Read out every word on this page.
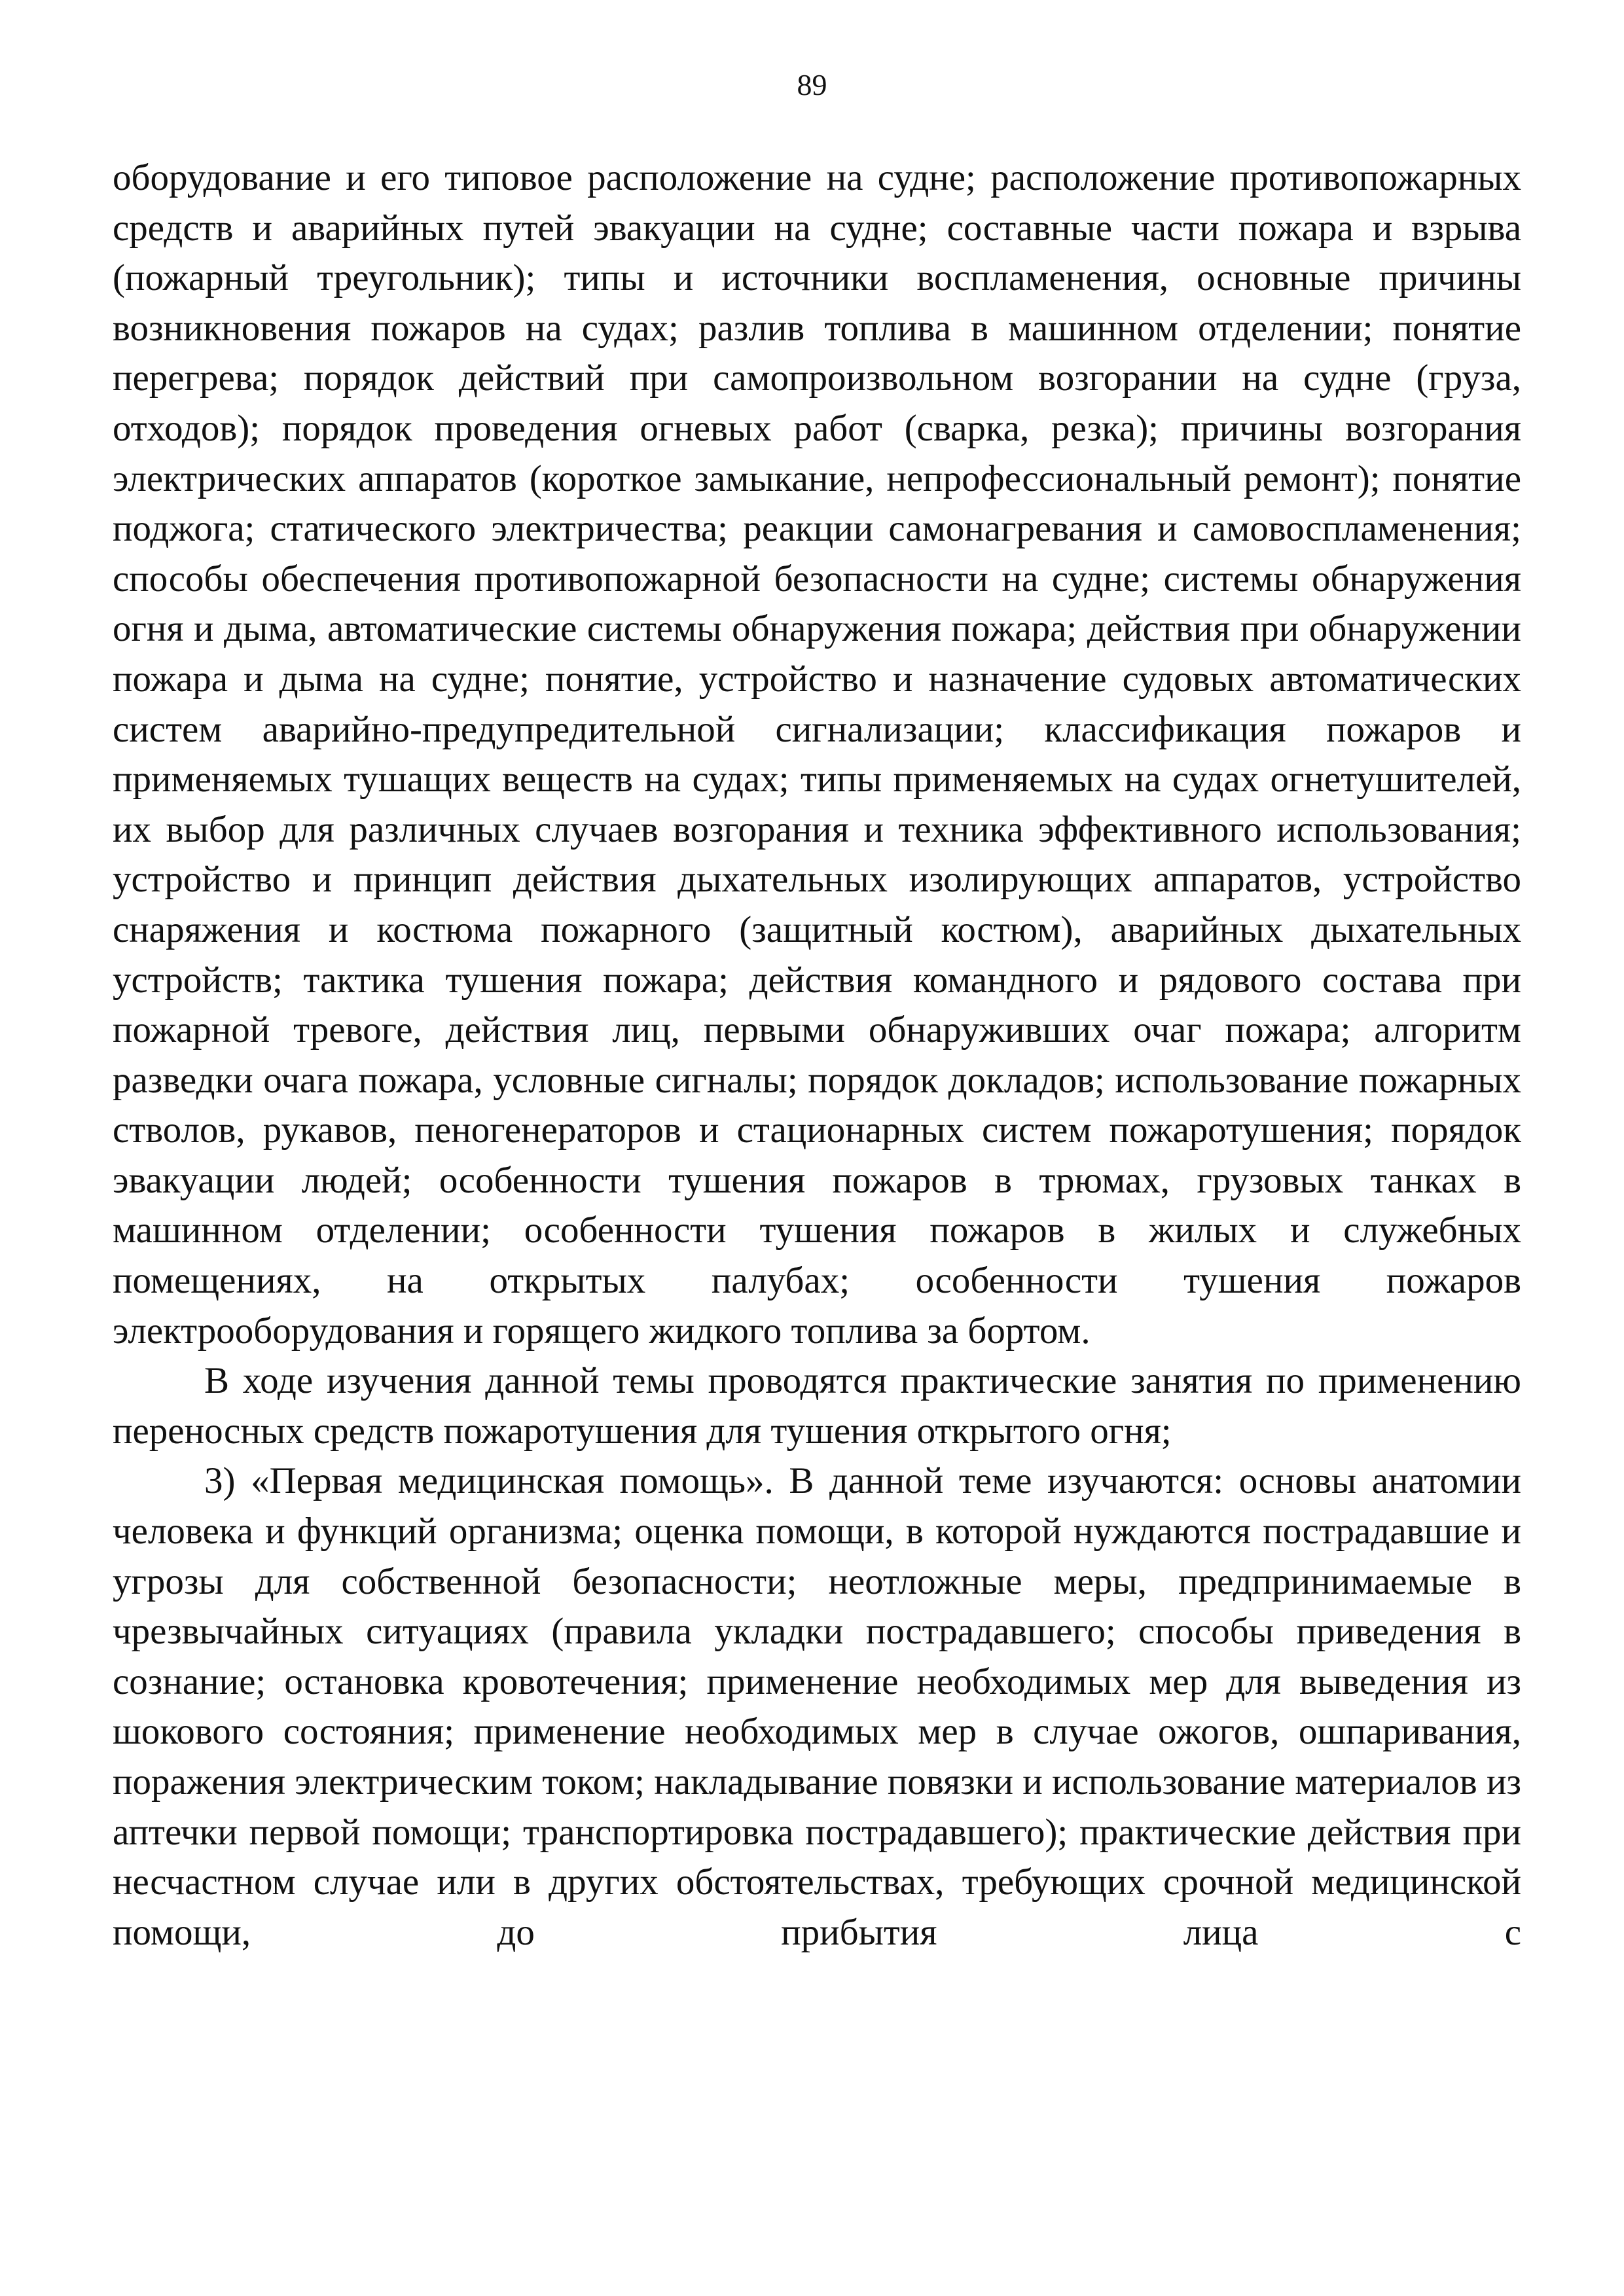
89

оборудование и его типовое расположение на судне; расположение противопожарных средств и аварийных путей эвакуации на судне; составные части пожара и взрыва (пожарный треугольник); типы и источники воспламенения, основные причины возникновения пожаров на судах; разлив топлива в машинном отделении; понятие перегрева; порядок действий при самопроизвольном возгорании на судне (груза, отходов); порядок проведения огневых работ (сварка, резка); причины возгорания электрических аппаратов (короткое замыкание, непрофессиональный ремонт); понятие поджога; статического электричества; реакции самонагревания и самовоспламенения; способы обеспечения противопожарной безопасности на судне; системы обнаружения огня и дыма, автоматические системы обнаружения пожара; действия при обнаружении пожара и дыма на судне; понятие, устройство и назначение судовых автоматических систем аварийно-предупредительной сигнализации; классификация пожаров и применяемых тушащих веществ на судах; типы применяемых на судах огнетушителей, их выбор для различных случаев возгорания и техника эффективного использования; устройство и принцип действия дыхательных изолирующих аппаратов, устройство снаряжения и костюма пожарного (защитный костюм), аварийных дыхательных устройств; тактика тушения пожара; действия командного и рядового состава при пожарной тревоге, действия лиц, первыми обнаруживших очаг пожара; алгоритм разведки очага пожара, условные сигналы; порядок докладов; использование пожарных стволов, рукавов, пеногенераторов и стационарных систем пожаротушения; порядок эвакуации людей; особенности тушения пожаров в трюмах, грузовых танках в машинном отделении; особенности тушения пожаров в жилых и служебных помещениях, на открытых палубах; особенности тушения пожаров электрооборудования и горящего жидкого топлива за бортом.

В ходе изучения данной темы проводятся практические занятия по применению переносных средств пожаротушения для тушения открытого огня;

3) «Первая медицинская помощь». В данной теме изучаются: основы анатомии человека и функций организма; оценка помощи, в которой нуждаются пострадавшие и угрозы для собственной безопасности; неотложные меры, предпринимаемые в чрезвычайных ситуациях (правила укладки пострадавшего; способы приведения в сознание; остановка кровотечения; применение необходимых мер для выведения из шокового состояния; применение необходимых мер в случае ожогов, ошпаривания, поражения электрическим током; накладывание повязки и использование материалов из аптечки первой помощи; транспортировка пострадавшего); практические действия при несчастном случае или в других обстоятельствах, требующих срочной медицинской помощи, до прибытия лица с
